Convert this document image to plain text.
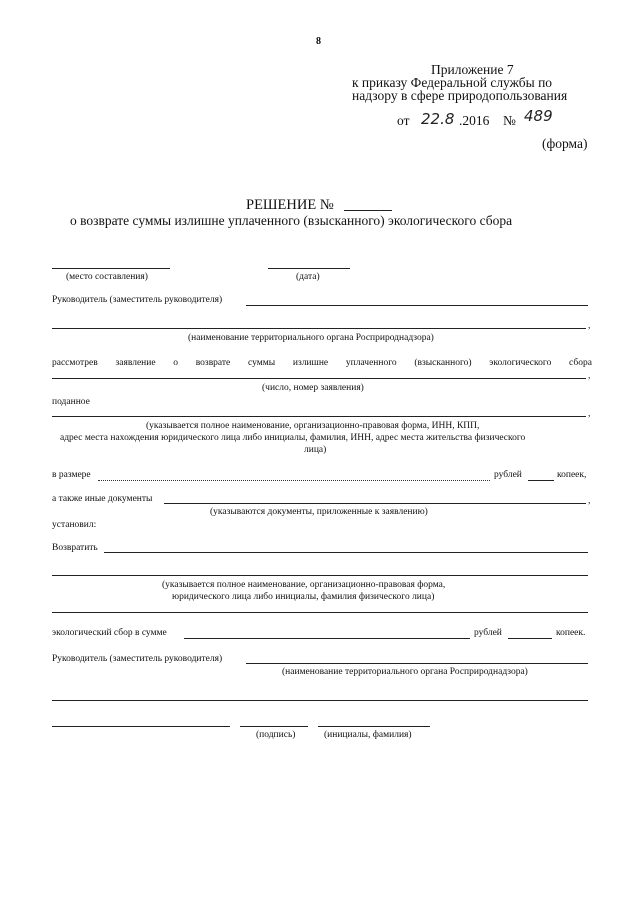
8
Приложение 7
к приказу Федеральной службы по
надзору в сфере природопользования
от 22.8 .2016 № 489
(форма)
РЕШЕНИЕ №
о возврате суммы излишне уплаченного (взысканного) экологического сбора
(место составления)	(дата)
Руководитель (заместитель руководителя)
,
(наименование территориального органа Росприроднадзора)
рассмотрев заявление о возврате суммы излишне уплаченного (взысканного) экологического сбора
,
(число, номер заявления)
поданное
,
(указывается полное наименование, организационно-правовая форма, ИНН, КПП,
адрес места нахождения юридического лица либо инициалы, фамилия, ИНН, адрес места жительства физического
лица)
в размере	рублей	копеек,
а также иные документы	,
(указываются документы, приложенные к заявлению)
установил:
Возвратить
(указывается полное наименование, организационно-правовая форма,
юридического лица либо инициалы, фамилия физического лица)
экологический сбор в сумме	рублей	копеек.
Руководитель (заместитель руководителя)
(наименование территориального органа Росприроднадзора)
(подпись)	(инициалы, фамилия)
